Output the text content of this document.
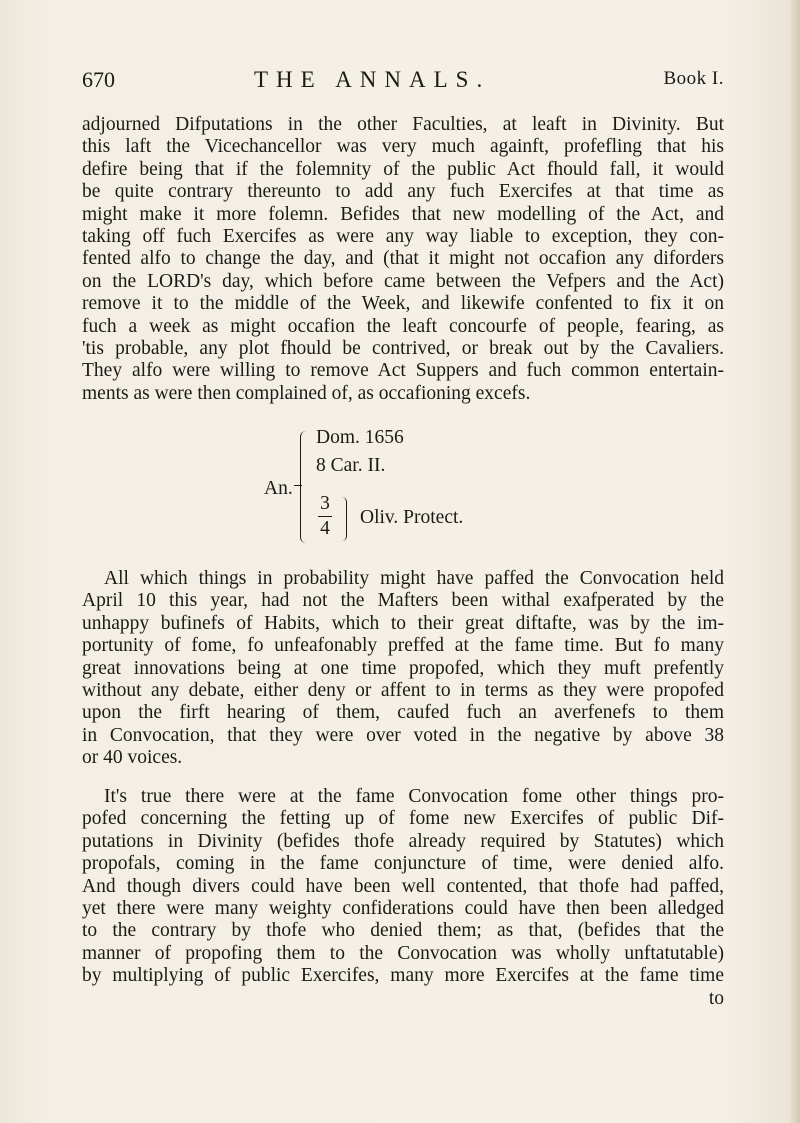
670	THE ANNALS.	Book I.
adjourned Difputations in the other Faculties, at leaft in Divinity. But
this laft the Vicechancellor was very much againft, profefling that his
defire being that if the folemnity of the public Act fhould fall, it would
be quite contrary thereunto to add any fuch Exercifes at that time as
might make it more folemn. Befides that new modelling of the Act, and
taking off fuch Exercifes as were any way liable to exception, they con-
fented alfo to change the day, and (that it might not occafion any diforders
on the LORD's day, which before came between the Vefpers and the Act)
remove it to the middle of the Week, and likewife confented to fix it on
fuch a week as might occafion the leaft concourfe of people, fearing, as
'tis probable, any plot fhould be contrived, or break out by the Cavaliers.
They alfo were willing to remove Act Suppers and fuch common entertain-
ments as were then complained of, as occafioning excefs.
An.
Dom. 1656
8 Car. II.
3
4
Oliv. Protect.
All which things in probability might have paffed the Convocation held
April 10 this year, had not the Mafters been withal exafperated by the
unhappy bufinefs of Habits, which to their great diftafte, was by the im-
portunity of fome, fo unfeafonably preffed at the fame time. But fo many
great innovations being at one time propofed, which they muft prefently
without any debate, either deny or affent to in terms as they were propofed
upon the firft hearing of them, caufed fuch an averfenefs to them
in Convocation, that they were over voted in the negative by above 38
or 40 voices.
It's true there were at the fame Convocation fome other things pro-
pofed concerning the fetting up of fome new Exercifes of public Dif-
putations in Divinity (befides thofe already required by Statutes) which
propofals, coming in the fame conjuncture of time, were denied alfo.
And though divers could have been well contented, that thofe had paffed,
yet there were many weighty confiderations could have then been alledged
to the contrary by thofe who denied them; as that, (befides that the
manner of propofing them to the Convocation was wholly unftatutable)
by multiplying of public Exercifes, many more Exercifes at the fame time
to
